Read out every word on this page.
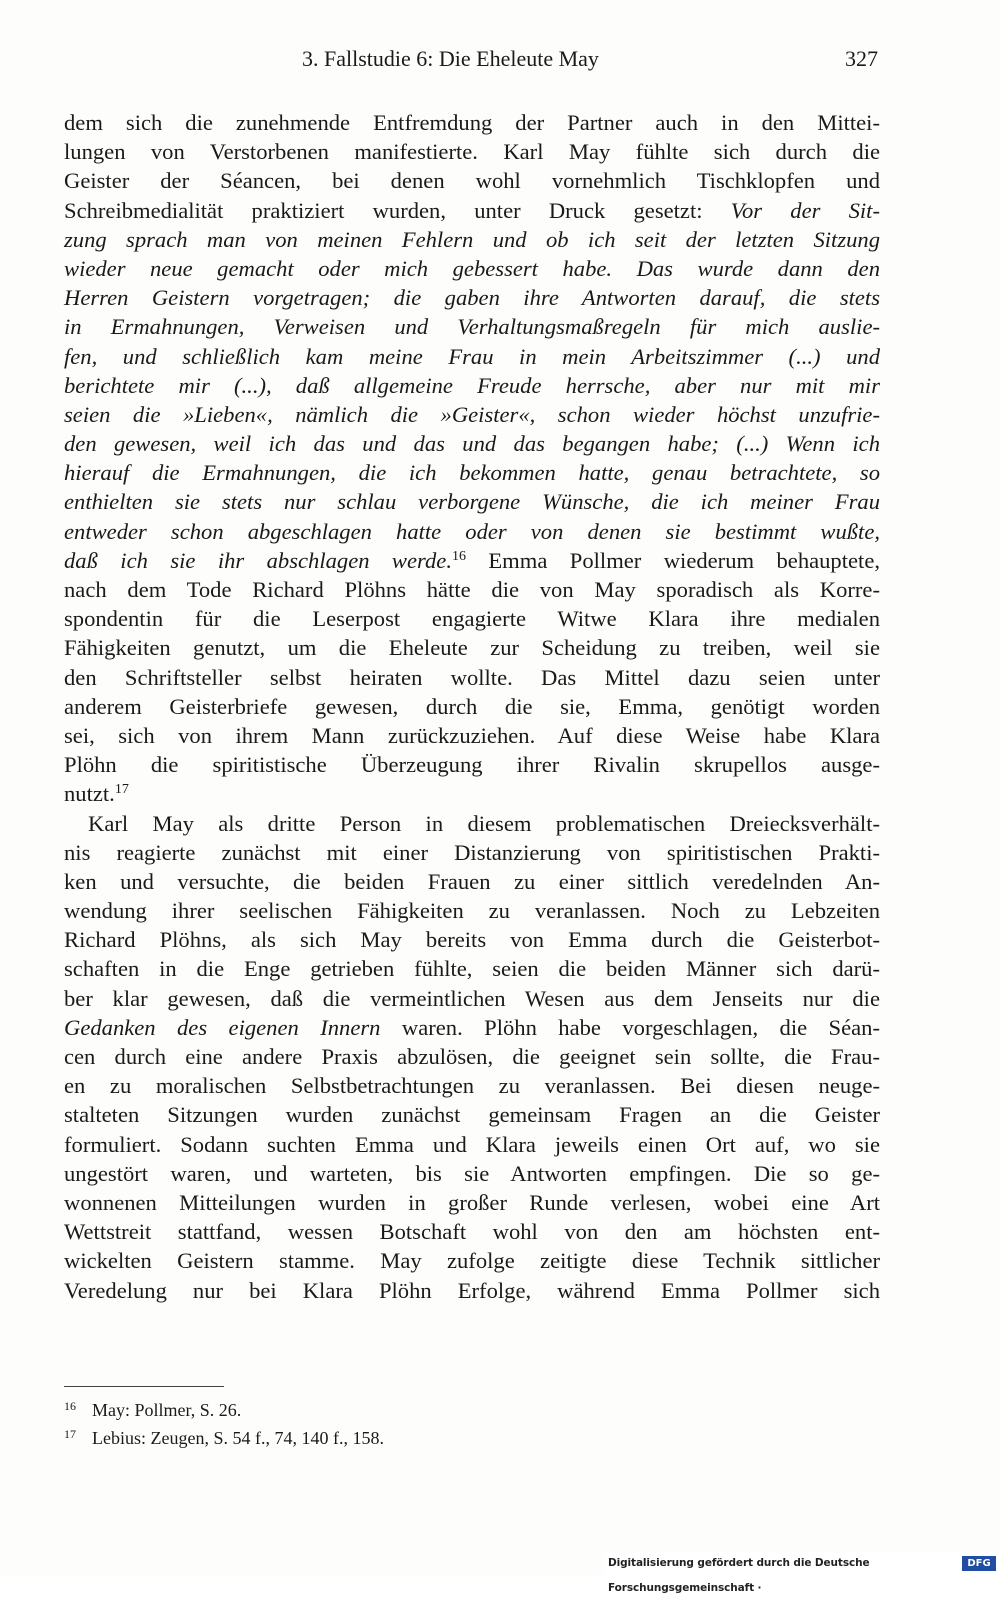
3. Fallstudie 6: Die Eheleute May	327
dem sich die zunehmende Entfremdung der Partner auch in den Mittei-
lungen von Verstorbenen manifestierte. Karl May fühlte sich durch die
Geister der Séancen, bei denen wohl vornehmlich Tischklopfen und
Schreibmedialität praktiziert wurden, unter Druck gesetzt: Vor der Sit-
zung sprach man von meinen Fehlern und ob ich seit der letzten Sitzung
wieder neue gemacht oder mich gebessert habe. Das wurde dann den
Herren Geistern vorgetragen; die gaben ihre Antworten darauf, die stets
in Ermahnungen, Verweisen und Verhaltungsmaßregeln für mich auslie-
fen, und schließlich kam meine Frau in mein Arbeitszimmer (...) und
berichtete mir (...), daß allgemeine Freude herrsche, aber nur mit mir
seien die »Lieben«, nämlich die »Geister«, schon wieder höchst unzufrie-
den gewesen, weil ich das und das und das begangen habe; (...) Wenn ich
hierauf die Ermahnungen, die ich bekommen hatte, genau betrachtete, so
enthielten sie stets nur schlau verborgene Wünsche, die ich meiner Frau
entweder schon abgeschlagen hatte oder von denen sie bestimmt wußte,
daß ich sie ihr abschlagen werde.$^{16}$ Emma Pollmer wiederum behauptete,
nach dem Tode Richard Plöhns hätte die von May sporadisch als Korre-
spondentin für die Leserpost engagierte Witwe Klara ihre medialen
Fähigkeiten genutzt, um die Eheleute zur Scheidung zu treiben, weil sie
den Schriftsteller selbst heiraten wollte. Das Mittel dazu seien unter
anderem Geisterbriefe gewesen, durch die sie, Emma, genötigt worden
sei, sich von ihrem Mann zurückzuziehen. Auf diese Weise habe Klara
Plöhn die spiritistische Überzeugung ihrer Rivalin skrupellos ausge-
nutzt.$^{17}$
Karl May als dritte Person in diesem problematischen Dreiecksverhält-
nis reagierte zunächst mit einer Distanzierung von spiritistischen Prakti-
ken und versuchte, die beiden Frauen zu einer sittlich veredelnden An-
wendung ihrer seelischen Fähigkeiten zu veranlassen. Noch zu Lebzeiten
Richard Plöhns, als sich May bereits von Emma durch die Geisterbot-
schaften in die Enge getrieben fühlte, seien die beiden Männer sich darü-
ber klar gewesen, daß die vermeintlichen Wesen aus dem Jenseits nur die
Gedanken des eigenen Innern waren. Plöhn habe vorgeschlagen, die Séan-
cen durch eine andere Praxis abzulösen, die geeignet sein sollte, die Frau-
en zu moralischen Selbstbetrachtungen zu veranlassen. Bei diesen neuge-
stalteten Sitzungen wurden zunächst gemeinsam Fragen an die Geister
formuliert. Sodann suchten Emma und Klara jeweils einen Ort auf, wo sie
ungestört waren, und warteten, bis sie Antworten empfingen. Die so ge-
wonnenen Mitteilungen wurden in großer Runde verlesen, wobei eine Art
Wettstreit stattfand, wessen Botschaft wohl von den am höchsten ent-
wickelten Geistern stamme. May zufolge zeitigte diese Technik sittlicher
Veredelung nur bei Klara Plöhn Erfolge, während Emma Pollmer sich
16 May: Pollmer, S. 26.
17 Lebius: Zeugen, S. 54 f., 74, 140 f., 158.
Digitalisierung gefördert durch die Deutsche Forschungsgemeinschaft ·
DFG
